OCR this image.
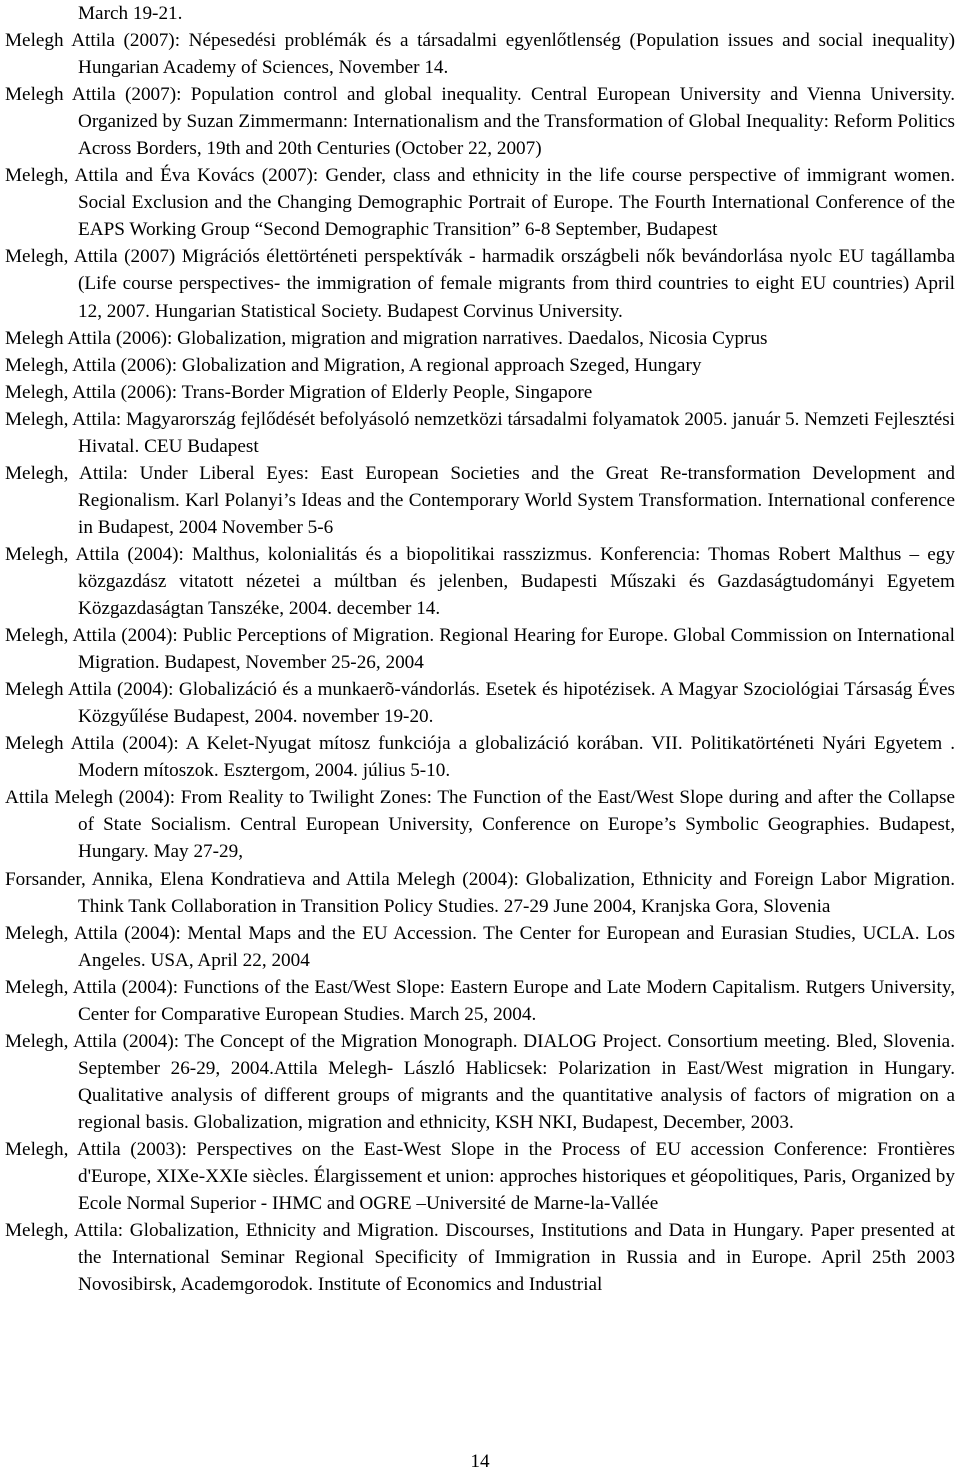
March 19-21.

Melegh Attila (2007): Népesedési problémák és a társadalmi egyenlőtlenség (Population issues and social inequality) Hungarian Academy of Sciences, November 14.

Melegh Attila (2007): Population control and global inequality. Central European University and Vienna University. Organized by Suzan Zimmermann: Internationalism and the Transformation of Global Inequality: Reform Politics Across Borders, 19th and 20th Centuries (October 22, 2007)

Melegh, Attila and Éva Kovács (2007): Gender, class and ethnicity in the life course perspective of immigrant women. Social Exclusion and the Changing Demographic Portrait of Europe. The Fourth International Conference of the EAPS Working Group “Second Demographic Transition” 6-8 September, Budapest

Melegh, Attila (2007) Migrációs élettörténeti perspektívák - harmadik országbeli nők bevándorlása nyolc EU tagállamba (Life course perspectives- the immigration of female migrants from third countries to eight EU countries) April 12, 2007. Hungarian Statistical Society. Budapest Corvinus University.

Melegh Attila (2006): Globalization, migration and migration narratives. Daedalos, Nicosia Cyprus

Melegh, Attila (2006): Globalization and Migration, A regional approach Szeged, Hungary

Melegh, Attila (2006): Trans-Border Migration of Elderly People, Singapore

Melegh, Attila: Magyarország fejlődését befolyásoló nemzetközi társadalmi folyamatok 2005. január 5. Nemzeti Fejlesztési Hivatal. CEU Budapest

Melegh, Attila: Under Liberal Eyes: East European Societies and the Great Re-transformation Development and Regionalism. Karl Polanyi’s Ideas and the Contemporary World System Transformation. International conference in Budapest, 2004 November 5-6

Melegh, Attila (2004): Malthus, kolonialitás és a biopolitikai rasszizmus. Konferencia: Thomas Robert Malthus – egy közgazdász vitatott nézetei a múltban és jelenben, Budapesti Műszaki és Gazdaságtudományi Egyetem Közgazdaságtan Tanszéke, 2004. december 14.

Melegh, Attila (2004): Public Perceptions of Migration. Regional Hearing for Europe. Global Commission on International Migration. Budapest, November 25-26, 2004

Melegh Attila (2004): Globalizáció és a munkaerõ-vándorlás. Esetek és hipotézisek. A Magyar Szociológiai Társaság Éves Közgyűlése Budapest, 2004. november 19-20.

Melegh Attila (2004): A Kelet-Nyugat mítosz funkciója a globalizáció korában. VII. Politikatörténeti Nyári Egyetem . Modern mítoszok. Esztergom, 2004. július 5-10.

Attila Melegh (2004): From Reality to Twilight Zones: The Function of the East/West Slope during and after the Collapse of State Socialism. Central European University, Conference on Europe’s Symbolic Geographies. Budapest, Hungary. May 27-29,

Forsander, Annika, Elena Kondratieva and Attila Melegh (2004): Globalization, Ethnicity and Foreign Labor Migration. Think Tank Collaboration in Transition Policy Studies. 27-29 June 2004, Kranjska Gora, Slovenia

Melegh, Attila (2004): Mental Maps and the EU Accession. The Center for European and Eurasian Studies, UCLA. Los Angeles. USA, April 22, 2004

Melegh, Attila (2004): Functions of the East/West Slope: Eastern Europe and Late Modern Capitalism. Rutgers University, Center for Comparative European Studies. March 25, 2004.

Melegh, Attila (2004): The Concept of the Migration Monograph. DIALOG Project. Consortium meeting. Bled, Slovenia. September 26-29, 2004.Attila Melegh- László Hablicsek: Polarization in East/West migration in Hungary. Qualitative analysis of different groups of migrants and the quantitative analysis of factors of migration on a regional basis. Globalization, migration and ethnicity, KSH NKI, Budapest, December, 2003.

Melegh, Attila (2003): Perspectives on the East-West Slope in the Process of EU accession Conference: Frontières d'Europe, XIXe-XXIe siècles. Élargissement et union: approches historiques et géopolitiques, Paris, Organized by Ecole Normal Superior - IHMC and OGRE –Université de Marne-la-Vallée

Melegh, Attila: Globalization, Ethnicity and Migration. Discourses, Institutions and Data in Hungary. Paper presented at the International Seminar Regional Specificity of Immigration in Russia and in Europe. April 25th 2003 Novosibirsk, Academgorodok. Institute of Economics and Industrial

14
